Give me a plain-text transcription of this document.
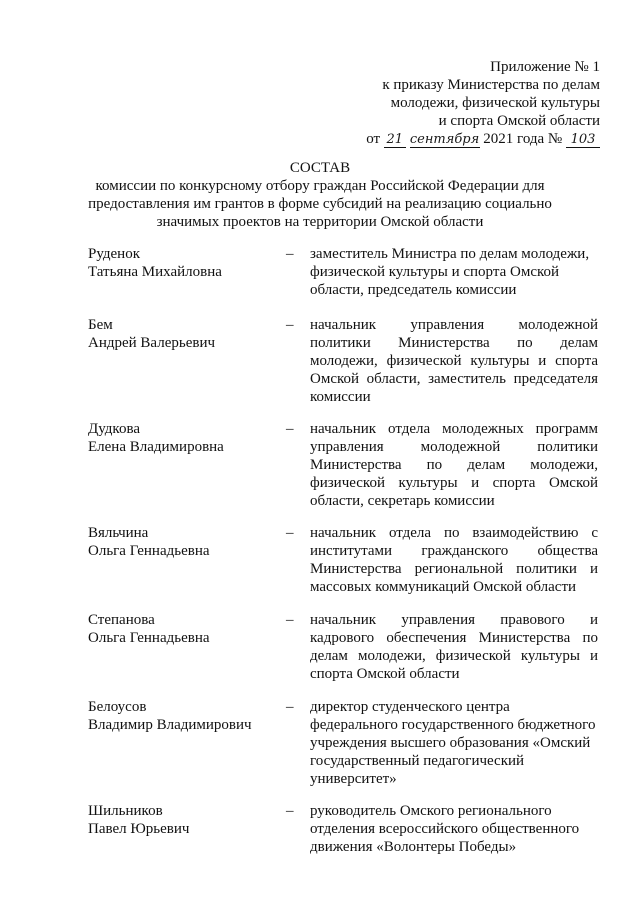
Приложение № 1
к приказу Министерства по делам
молодежи, физической культуры
и спорта Омской области
от 21 сентября 2021 года № 103
СОСТАВ
комиссии по конкурсному отбору граждан Российской Федерации для
предоставления им грантов в форме субсидий на реализацию социально
значимых проектов на территории Омской области
Руденок
Татьяна Михайловна
– заместитель Министра по делам молодежи, физической культуры и спорта Омской области, председатель комиссии
Бем
Андрей Валерьевич
– начальник управления молодежной политики Министерства по делам молодежи, физической культуры и спорта Омской области, заместитель председателя комиссии
Дудкова
Елена Владимировна
– начальник отдела молодежных программ управления молодежной политики Министерства по делам молодежи, физической культуры и спорта Омской области, секретарь комиссии
Вяльчина
Ольга Геннадьевна
– начальник отдела по взаимодействию с институтами гражданского общества Министерства региональной политики и массовых коммуникаций Омской области
Степанова
Ольга Геннадьевна
– начальник управления правового и кадрового обеспечения Министерства по делам молодежи, физической культуры и спорта Омской области
Белоусов
Владимир Владимирович
– директор студенческого центра федерального государственного бюджетного учреждения высшего образования «Омский государственный педагогический университет»
Шильников
Павел Юрьевич
– руководитель Омского регионального отделения всероссийского общественного движения «Волонтеры Победы»
